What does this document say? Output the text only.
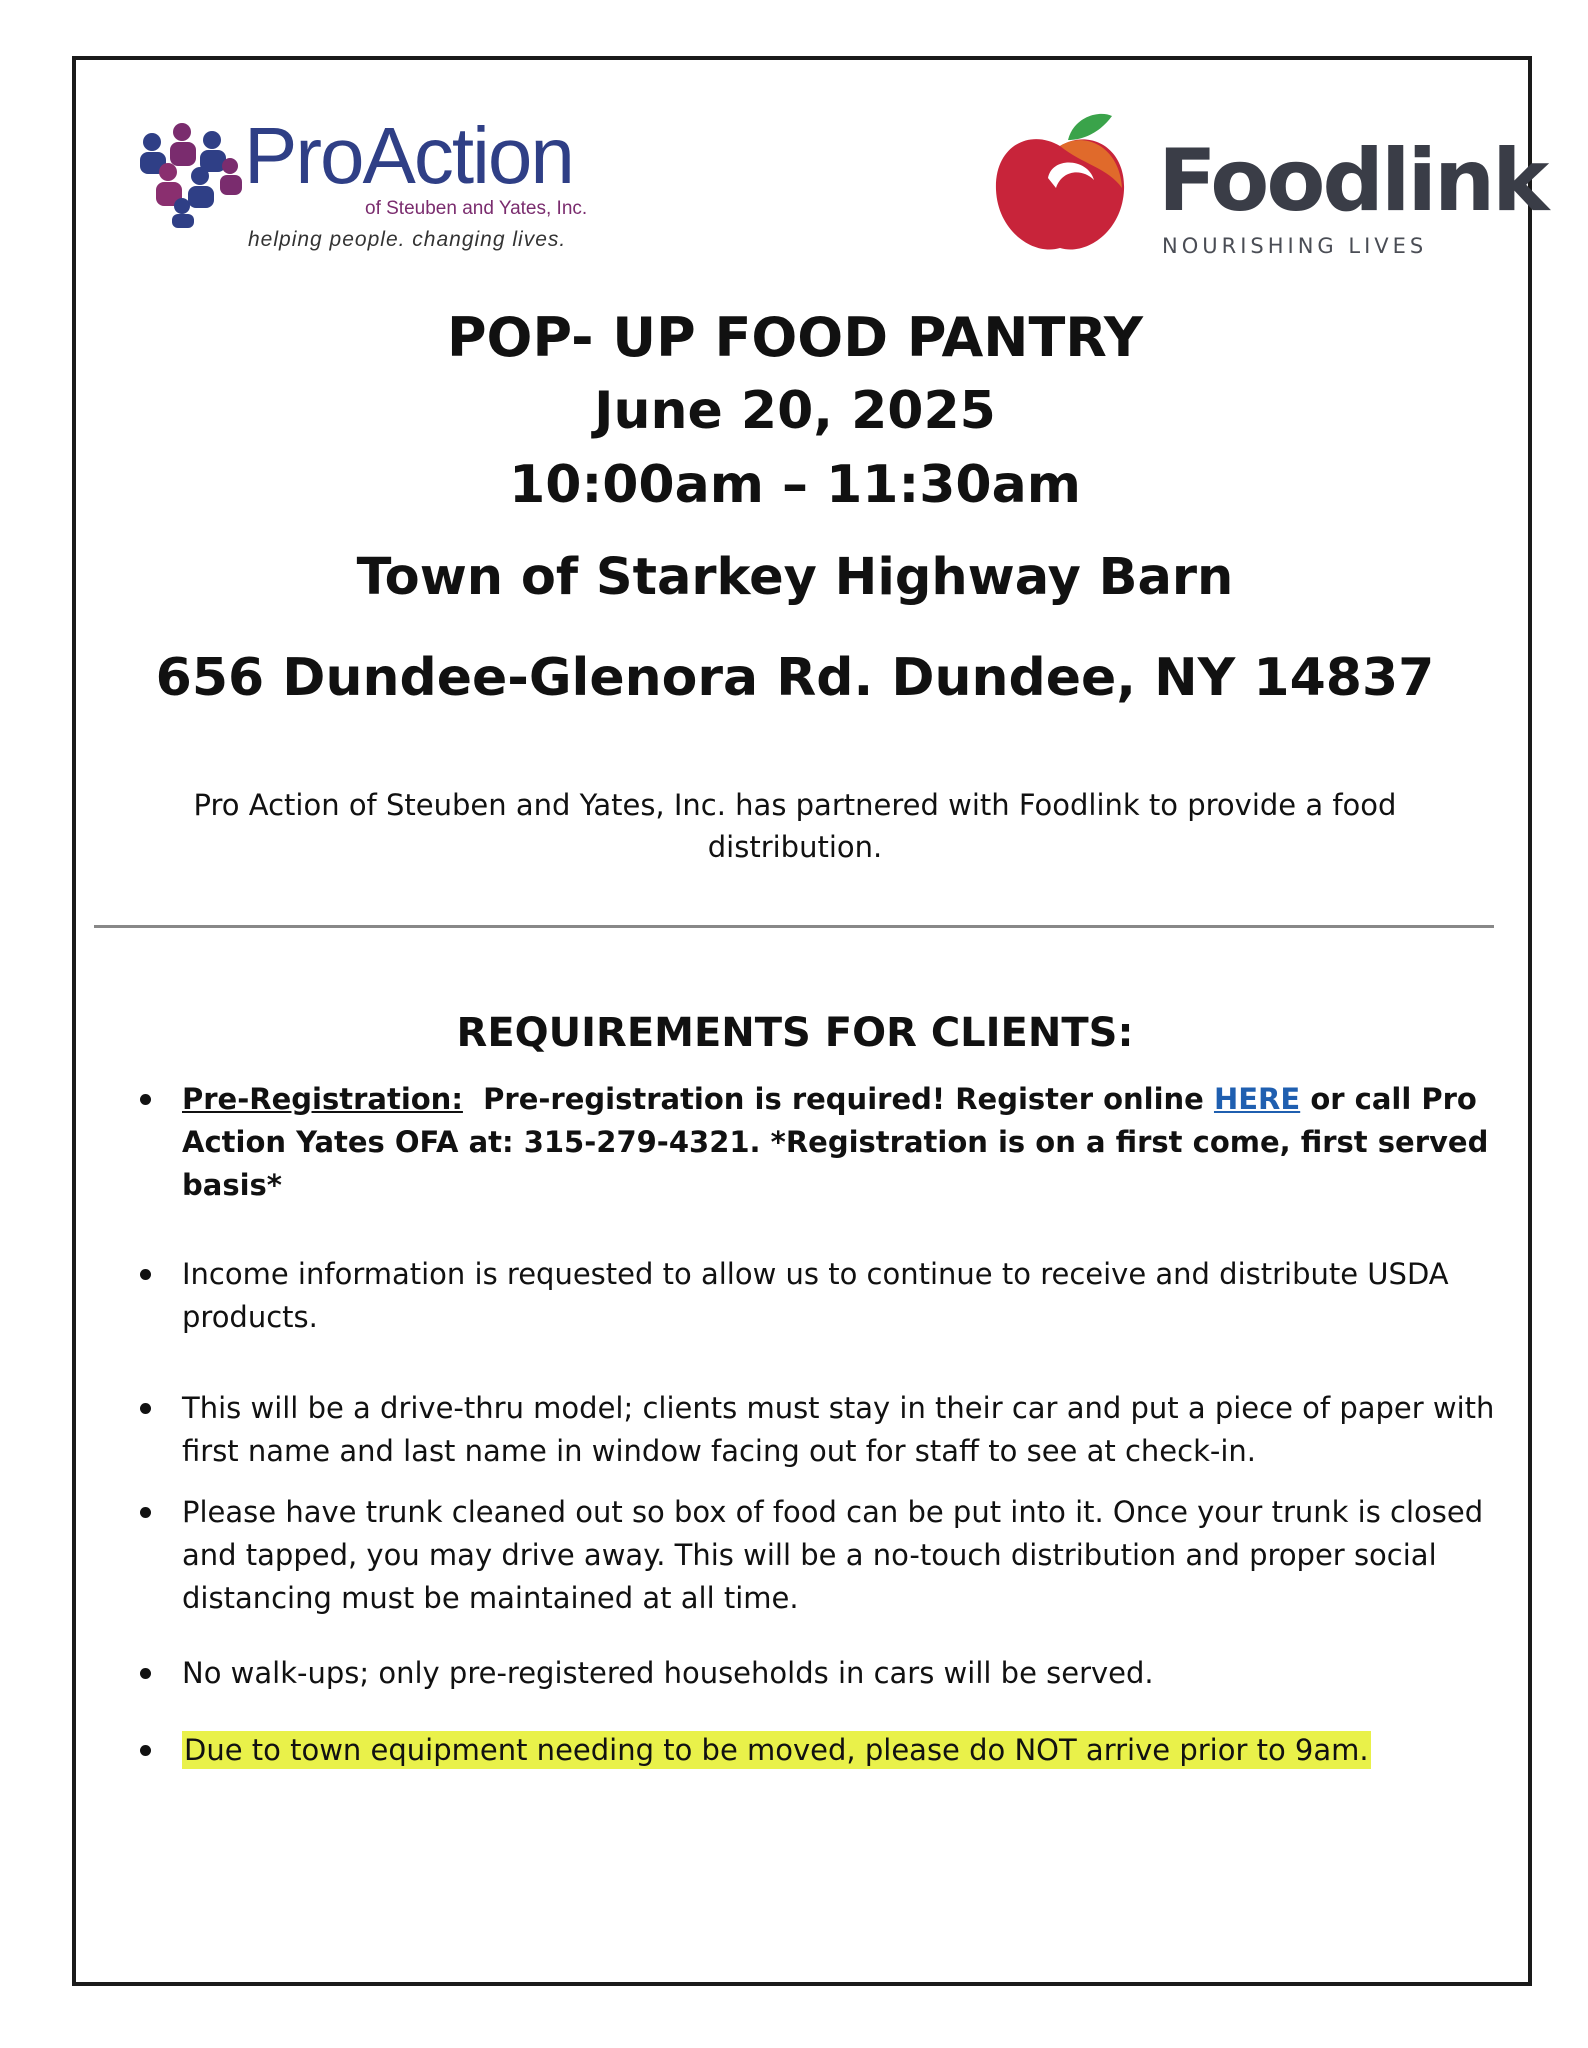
ProAction
of Steuben and Yates, Inc.
helping people. changing lives.
Foodlink
NOURISHING LIVES
POP- UP FOOD PANTRY
June 20, 2025
10:00am – 11:30am
Town of Starkey Highway Barn
656 Dundee-Glenora Rd. Dundee, NY 14837
Pro Action of Steuben and Yates, Inc. has partnered with Foodlink to provide a food distribution.
REQUIREMENTS FOR CLIENTS:
Pre-Registration: Pre-registration is required! Register online HERE or call Pro Action Yates OFA at: 315-279-4321. *Registration is on a first come, first served basis*
Income information is requested to allow us to continue to receive and distribute USDA products.
This will be a drive-thru model; clients must stay in their car and put a piece of paper with first name and last name in window facing out for staff to see at check-in.
Please have trunk cleaned out so box of food can be put into it. Once your trunk is closed and tapped, you may drive away. This will be a no-touch distribution and proper social distancing must be maintained at all time.
No walk-ups; only pre-registered households in cars will be served.
Due to town equipment needing to be moved, please do NOT arrive prior to 9am.
